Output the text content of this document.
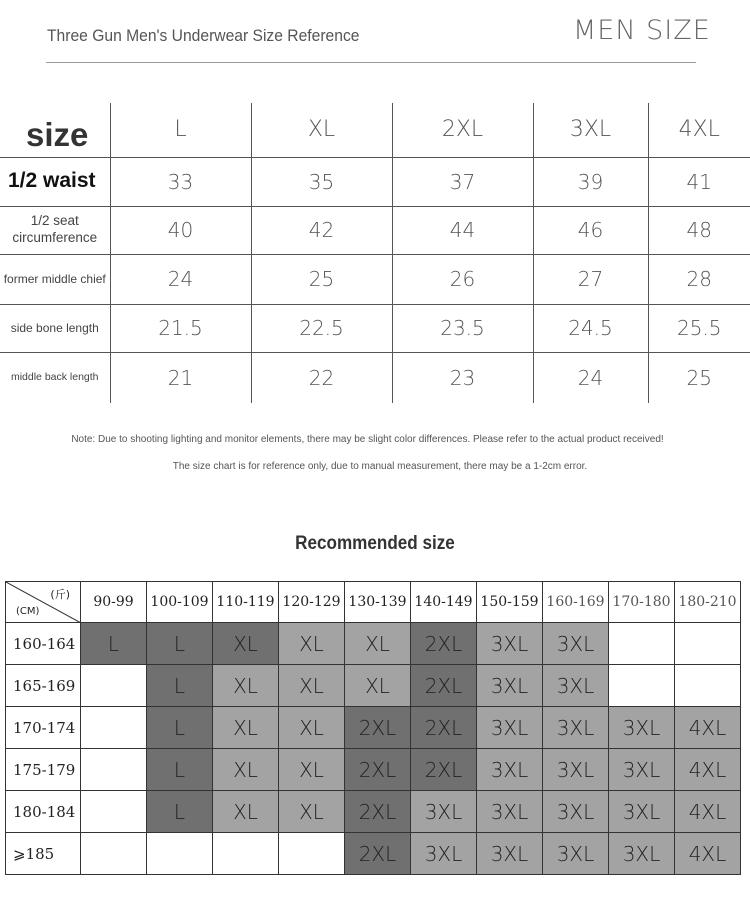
Three Gun Men's Underwear Size Reference	MEN SIZE
size	L	XL	2XL	3XL	4XL
1/2 waist	33	35	37	39	41
1/2 seat circumference	40	42	44	46	48
former middle chief	24	25	26	27	28
side bone length	21.5	22.5	23.5	24.5	25.5
middle back length	21	22	23	24	25
Note: Due to shooting lighting and monitor elements, there may be slight color differences. Please refer to the actual product received!
The size chart is for reference only, due to manual measurement, there may be a 1-2cm error.
Recommended size
(斤)
(CM)	90-99	100-109	110-119	120-129	130-139	140-149	150-159	160-169	170-180	180-210
160-164	L	L	XL	XL	XL	2XL	3XL	3XL		
165-169		L	XL	XL	XL	2XL	3XL	3XL		
170-174		L	XL	XL	2XL	2XL	3XL	3XL	3XL	4XL
175-179		L	XL	XL	2XL	2XL	3XL	3XL	3XL	4XL
180-184		L	XL	XL	2XL	3XL	3XL	3XL	3XL	4XL
⩾185					2XL	3XL	3XL	3XL	3XL	4XL
